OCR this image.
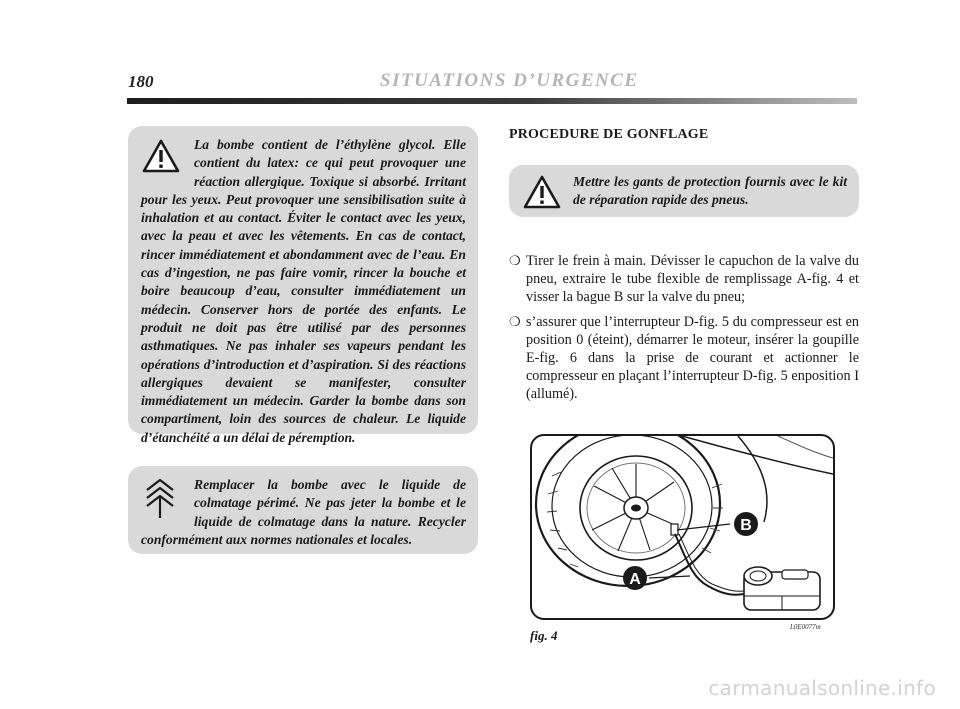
180	SITUATIONS D’URGENCE
La bombe contient de l’éthylène glycol. Elle contient du latex: ce qui peut provoquer une réaction allergique. Toxique si absorbé. Irritant pour les yeux. Peut provoquer une sensibilisation suite à inhalation et au contact. Éviter le contact avec les yeux, avec la peau et avec les vêtements. En cas de contact, rincer immédiatement et abondamment avec de l’eau. En cas d’ingestion, ne pas faire vomir, rincer la bouche et boire beaucoup d’eau, consulter immédiatement un médecin. Conserver hors de portée des enfants. Le produit ne doit pas être utilisé par des personnes asthmatiques. Ne pas inhaler ses vapeurs pendant les opérations d’introduction et d’aspiration. Si des réactions allergiques devaient se manifester, consulter immédiatement un médecin. Garder la bombe dans son compartiment, loin des sources de chaleur. Le liquide d’étanchéité a un délai de péremption.
Remplacer la bombe avec le liquide de colmatage périmé. Ne pas jeter la bombe et le liquide de colmatage dans la nature. Recycler conformément aux normes nationales et locales.
PROCEDURE DE GONFLAGE
Mettre les gants de protection fournis avec le kit de réparation rapide des pneus.
❍ Tirer le frein à main. Dévisser le capuchon de la valve du pneu, extraire le tube flexible de remplissage A-fig. 4 et visser la bague B sur la valve du pneu;
❍ s’assurer que l’interrupteur D-fig. 5 du compresseur est en position 0 (éteint), démarrer le moteur, insérer la goupille E-fig. 6 dans la prise de courant et actionner le compresseur en plaçant l’interrupteur D-fig. 5 enposition I (allumé).
B
A
fig. 4
L0E0077m
carmanualsonline.info
